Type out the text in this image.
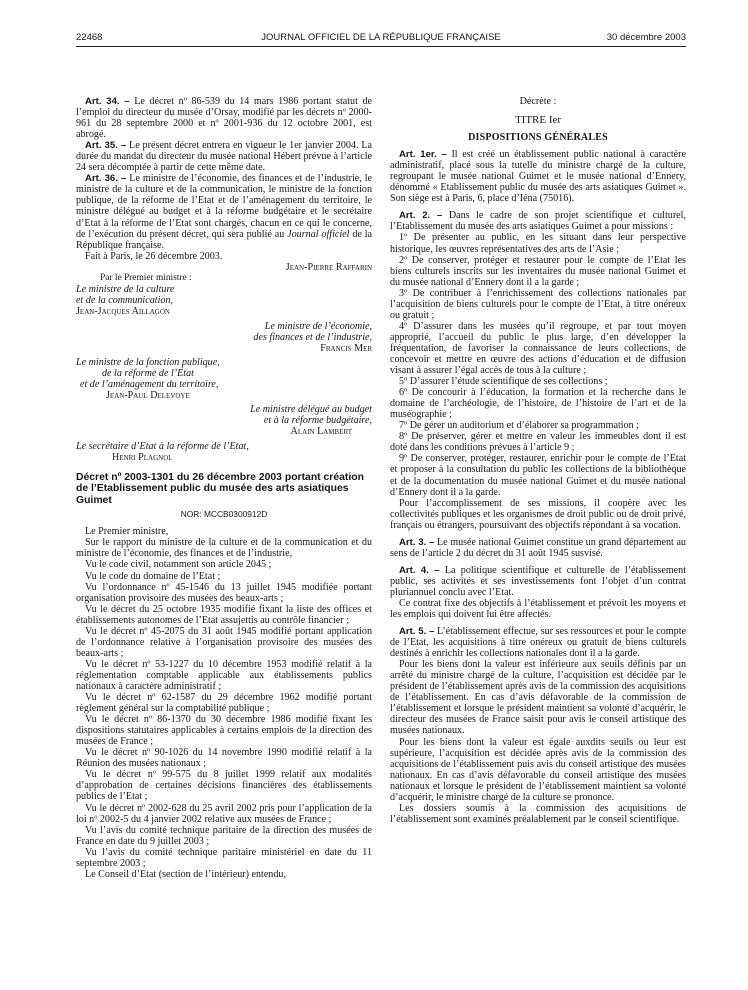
22468	JOURNAL OFFICIEL DE LA RÉPUBLIQUE FRANÇAISE	30 décembre 2003

Art. 34. – Le décret nº 86-539 du 14 mars 1986 portant statut de l’emploi du directeur du musée d’Orsay, modifié par les décrets nº 2000-961 du 28 septembre 2000 et nº 2001-936 du 12 octobre 2001, est abrogé.

Art. 35. – Le présent décret entrera en vigueur le 1er janvier 2004. La durée du mandat du directeur du musée national Hébert prévue à l’article 24 sera décomptée à partir de cette même date.

Art. 36. – Le ministre de l’économie, des finances et de l’industrie, le ministre de la culture et de la communication, le ministre de la fonction publique, de la réforme de l’Etat et de l’aménagement du territoire, le ministre délégué au budget et à la réforme budgétaire et le secrétaire d’Etat à la réforme de l’Etat sont chargés, chacun en ce qui le concerne, de l’exécution du présent décret, qui sera publié au Journal officiel de la République française.

Fait à Paris, le 26 décembre 2003.

Jean-Pierre Raffarin

Par le Premier ministre :

Le ministre de la culture

et de la communication,

Jean-Jacques Aillagon

Le ministre de l’économie,

des finances et de l’industrie,

Francis Mer

Le ministre de la fonction publique,

de la réforme de l’Etat

et de l’aménagement du territoire,

Jean-Paul Delevoye

Le ministre délégué au budget

et à la réforme budgétaire,

Alain Lambert

Le secrétaire d’Etat à la réforme de l’Etat,

Henri Plagnol

Décret nº 2003-1301 du 26 décembre 2003 portant création de l’Etablissement public du musée des arts asiatiques Guimet
NOR: MCCB0300912D

Le Premier ministre,

Sur le rapport du ministre de la culture et de la communication et du ministre de l’économie, des finances et de l’industrie,

Vu le code civil, notamment son article 2045 ;

Vu le code du domaine de l’Etat ;

Vu l’ordonnance nº 45-1546 du 13 juillet 1945 modifiée portant organisation provisoire des musées des beaux-arts ;

Vu le décret du 25 octobre 1935 modifié fixant la liste des offices et établissements autonomes de l’Etat assujettis au contrôle financier ;

Vu le décret nº 45-2075 du 31 août 1945 modifié portant application de l’ordonnance relative à l’organisation provisoire des musées des beaux-arts ;

Vu le décret nº 53-1227 du 10 décembre 1953 modifié relatif à la réglementation comptable applicable aux établissements publics nationaux à caractère administratif ;

Vu le décret nº 62-1587 du 29 décembre 1962 modifié portant règlement général sur la comptabilité publique ;

Vu le décret nº 86-1370 du 30 décembre 1986 modifié fixant les dispositions statutaires applicables à certains emplois de la direction des musées de France ;

Vu le décret nº 90-1026 du 14 novembre 1990 modifié relatif à la Réunion des musées nationaux ;

Vu le décret nº 99-575 du 8 juillet 1999 relatif aux modalités d’approbation de certaines décisions financières des établissements publics de l’Etat ;

Vu le décret nº 2002-628 du 25 avril 2002 pris pour l’application de la loi nº 2002-5 du 4 janvier 2002 relative aux musées de France ;

Vu l’avis du comité technique paritaire de la direction des musées de France en date du 9 juillet 2003 ;

Vu l’avis du comité technique paritaire ministériel en date du 11 septembre 2003 ;

Le Conseil d’Etat (section de l’intérieur) entendu,

Décrète :

TITRE Ier
DISPOSITIONS GÉNÉRALES

Art. 1er. – Il est créé un établissement public national à caractère administratif, placé sous la tutelle du ministre chargé de la culture, regroupant le musée national Guimet et le musée national d’Ennery, dénommé « Etablissement public du musée des arts asiatiques Guimet ». Son siège est à Paris, 6, place d’Iéna (75016).

Art. 2. – Dans le cadre de son projet scientifique et culturel, l’Etablissement du musée des arts asiatiques Guimet a pour missions :

1º De présenter au public, en les situant dans leur perspective historique, les œuvres représentatives des arts de l’Asie ;

2º De conserver, protéger et restaurer pour le compte de l’Etat les biens culturels inscrits sur les inventaires du musée national Guimet et du musée national d’Ennery dont il a la garde ;

3º De contribuer à l’enrichissement des collections nationales par l’acquisition de biens culturels pour le compte de l’Etat, à titre onéreux ou gratuit ;

4º D’assurer dans les musées qu’il regroupe, et par tout moyen approprié, l’accueil du public le plus large, d’en développer la fréquentation, de favoriser la connaissance de leurs collections, de concevoir et mettre en œuvre des actions d’éducation et de diffusion visant à assurer l’égal accès de tous à la culture ;

5º D’assurer l’étude scientifique de ses collections ;

6º De concourir à l’éducation, la formation et la recherche dans le domaine de l’archéologie, de l’histoire, de l’histoire de l’art et de la muséographie ;

7º De gérer un auditorium et d’élaborer sa programmation ;

8º De préserver, gérer et mettre en valeur les immeubles dont il est doté dans les conditions prévues à l’article 9 ;

9º De conserver, protéger, restaurer, enrichir pour le compte de l’Etat et proposer à la consultation du public les collections de la bibliothèque et de la documentation du musée national Guimet et du musée national d’Ennery dont il a la garde.

Pour l’accomplissement de ses missions, il coopère avec les collectivités publiques et les organismes de droit public ou de droit privé, français ou étrangers, poursuivant des objectifs répondant à sa vocation.

Art. 3. – Le musée national Guimet constitue un grand département au sens de l’article 2 du décret du 31 août 1945 susvisé.

Art. 4. – La politique scientifique et culturelle de l’établissement public, ses activités et ses investissements font l’objet d’un contrat pluriannuel conclu avec l’Etat.

Ce contrat fixe des objectifs à l’établissement et prévoit les moyens et les emplois qui doivent lui être affectés.

Art. 5. – L’établissement effectue, sur ses ressources et pour le compte de l’Etat, les acquisitions à titre onéreux ou gratuit de biens culturels destinés à enrichir les collections nationales dont il a la garde.

Pour les biens dont la valeur est inférieure aux seuils définis par un arrêté du ministre chargé de la culture, l’acquisition est décidée par le président de l’établissement après avis de la commission des acquisitions de l’établissement. En cas d’avis défavorable de la commission de l’établissement et lorsque le président maintient sa volonté d’acquérir, le directeur des musées de France saisit pour avis le conseil artistique des musées nationaux.

Pour les biens dont la valeur est égale auxdits seuils ou leur est supérieure, l’acquisition est décidée après avis de la commission des acquisitions de l’établissement puis avis du conseil artistique des musées nationaux. En cas d’avis défavorable du conseil artistique des musées nationaux et lorsque le président de l’établissement maintient sa volonté d’acquérir, le ministre chargé de la culture se prononce.

Les dossiers soumis à la commission des acquisitions de l’établissement sont examinés préalablement par le conseil scientifique.
